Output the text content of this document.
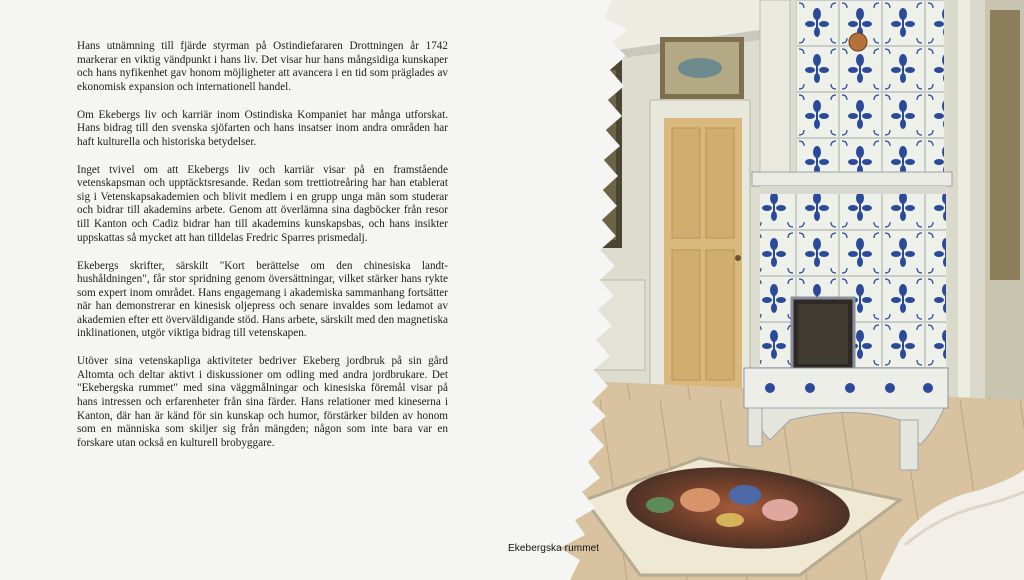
Hans utnämning till fjärde styrman på Ostindiefararen Drottningen år 1742 markerar en viktig vändpunkt i hans liv. Det visar hur hans mångsidiga kunskaper och hans nyfikenhet gav honom möjligheter att avancera i en tid som präglades av ekonomisk expansion och internationell handel.

Om Ekebergs liv och karriär inom Ostindiska Kompaniet har många utforskat. Hans bidrag till den svenska sjöfarten och hans insatser inom andra områden har haft kulturella och historiska betydelser.

Inget tvivel om att Ekebergs liv och karriär visar på en framstående vetenskapsman och upptäcktsresande. Redan som trettiotreåring har han etablerat sig i Vetenskapsakademien och blivit medlem i en grupp unga män som studerar och bidrar till akademins arbete. Genom att överlämna sina dagböcker från resor till Kanton och Cadiz bidrar han till akademins kunskapsbas, och hans insikter uppskattas så mycket att han tilldelas Fredric Sparres prismedalj.

Ekebergs skrifter, särskilt "Kort berättelse om den chinesiska landt-hushåldningen", får stor spridning genom översättningar, vilket stärker hans rykte som expert inom området. Hans engagemang i akademiska sammanhang fortsätter när han demonstrerar en kinesisk oljepress och senare invaldes som ledamot av akademien efter ett överväldigande stöd. Hans arbete, särskilt med den magnetiska inklinationen, utgör viktiga bidrag till vetenskapen.

Utöver sina vetenskapliga aktiviteter bedriver Ekeberg jordbruk på sin gård Altomta och deltar aktivt i diskussioner om odling med andra jordbrukare. Det "Ekebergska rummet" med sina väggmålningar och kinesiska föremål visar på hans intressen och erfarenheter från sina färder. Hans relationer med kineserna i Kanton, där han är känd för sin kunskap och humor, förstärker bilden av honom som en människa som skiljer sig från mängden; någon som inte bara var en forskare utan också en kulturell brobyggare.

Ekebergska rummet
